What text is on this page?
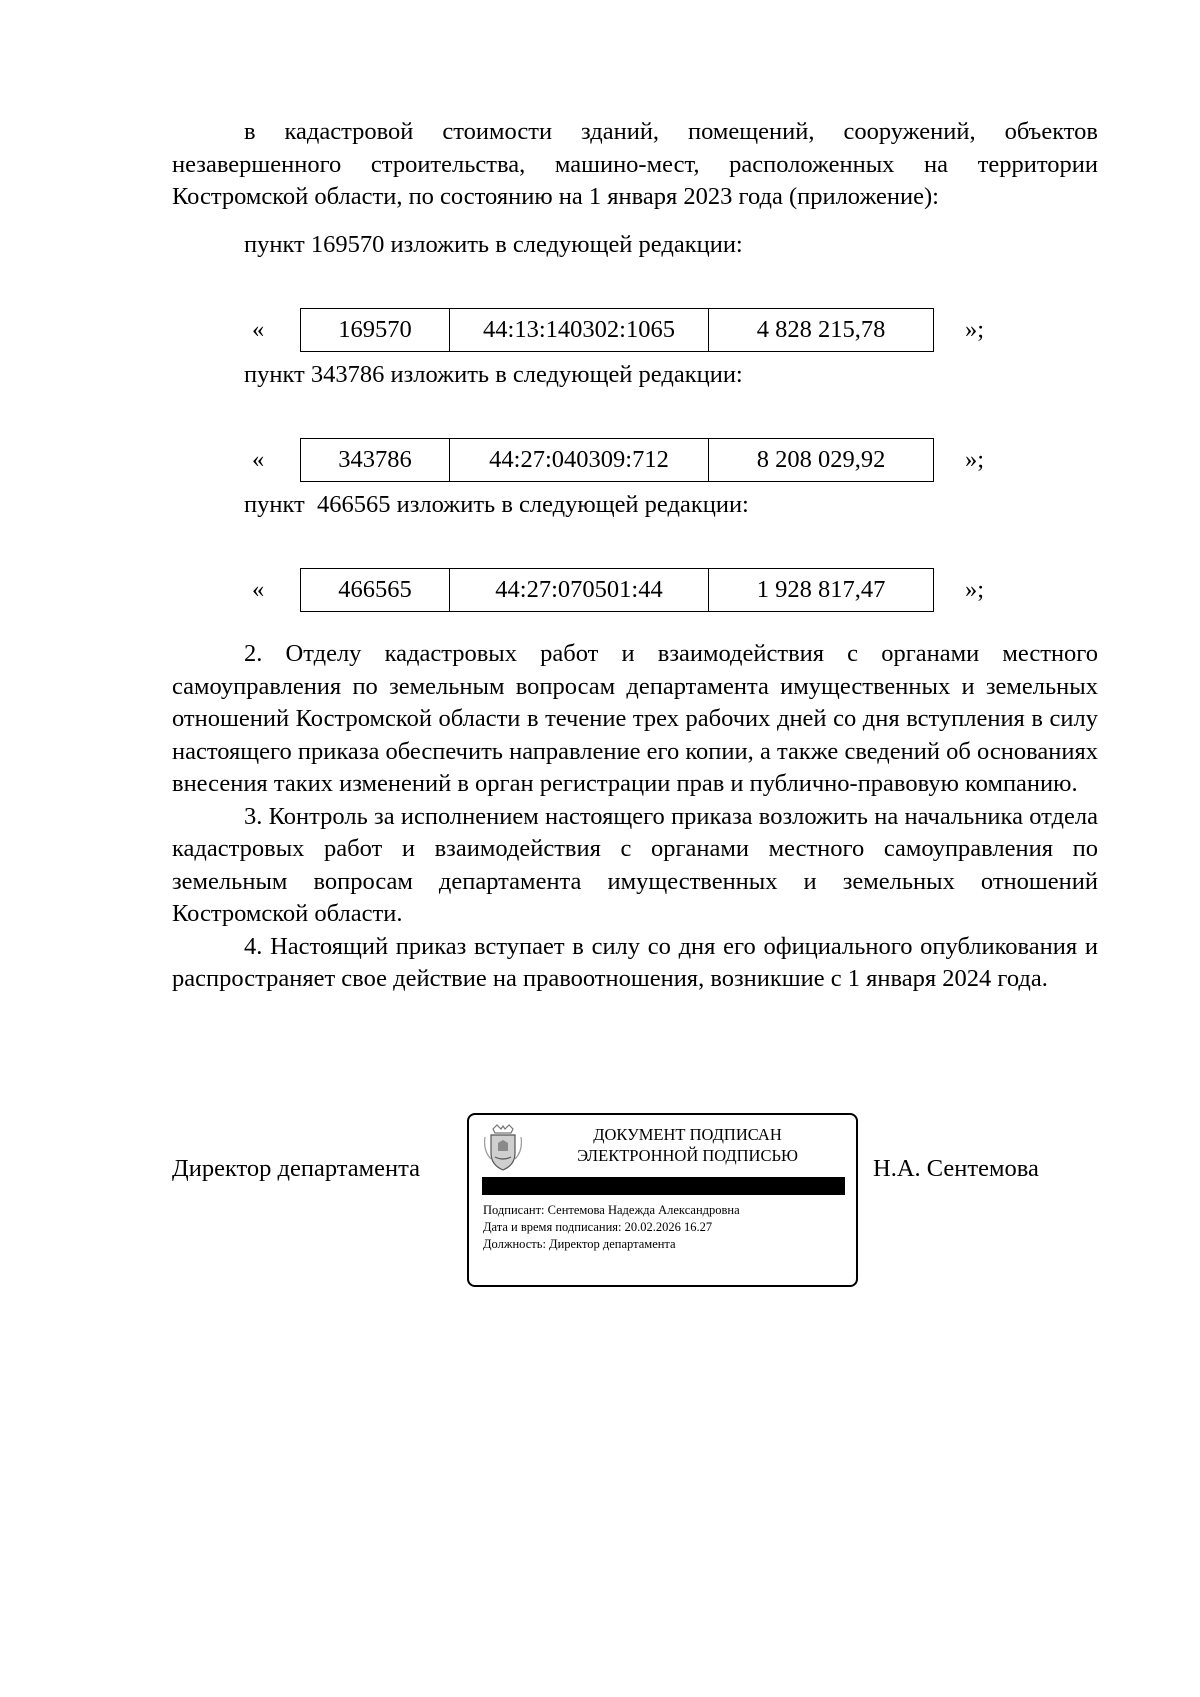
в кадастровой стоимости зданий, помещений, сооружений, объектов незавершенного строительства, машино-мест, расположенных на территории Костромской области, по состоянию на 1 января 2023 года (приложение):

пункт 169570 изложить в следующей редакции:
«	169570	44:13:140302:1065	4 828 215,78	»;
пункт 343786 изложить в следующей редакции:
«	343786	44:27:040309:712	8 208 029,92	»;
пункт  466565 изложить в следующей редакции:
«	466565	44:27:070501:44	1 928 817,47	»;

2. Отделу кадастровых работ и взаимодействия с органами местного самоуправления по земельным вопросам департамента имущественных и земельных отношений Костромской области в течение трех рабочих дней со дня вступления в силу настоящего приказа обеспечить направление его копии, а также сведений об основаниях внесения таких изменений в орган регистрации прав и публично-правовую компанию.

3. Контроль за исполнением настоящего приказа возложить на начальника отдела кадастровых работ и взаимодействия с органами местного самоуправления по земельным вопросам департамента имущественных и земельных отношений Костромской области.

4. Настоящий приказ вступает в силу со дня его официального опубликования и распространяет свое действие на правоотношения, возникшие с 1 января 2024 года.

Директор департамента
ДОКУМЕНТ ПОДПИСАН
ЭЛЕКТРОННОЙ ПОДПИСЬЮ
Подписант: Сентемова Надежда Александровна
Дата и время подписания: 20.02.2026 16.27
Должность: Директор департамента
Н.А. Сентемова
